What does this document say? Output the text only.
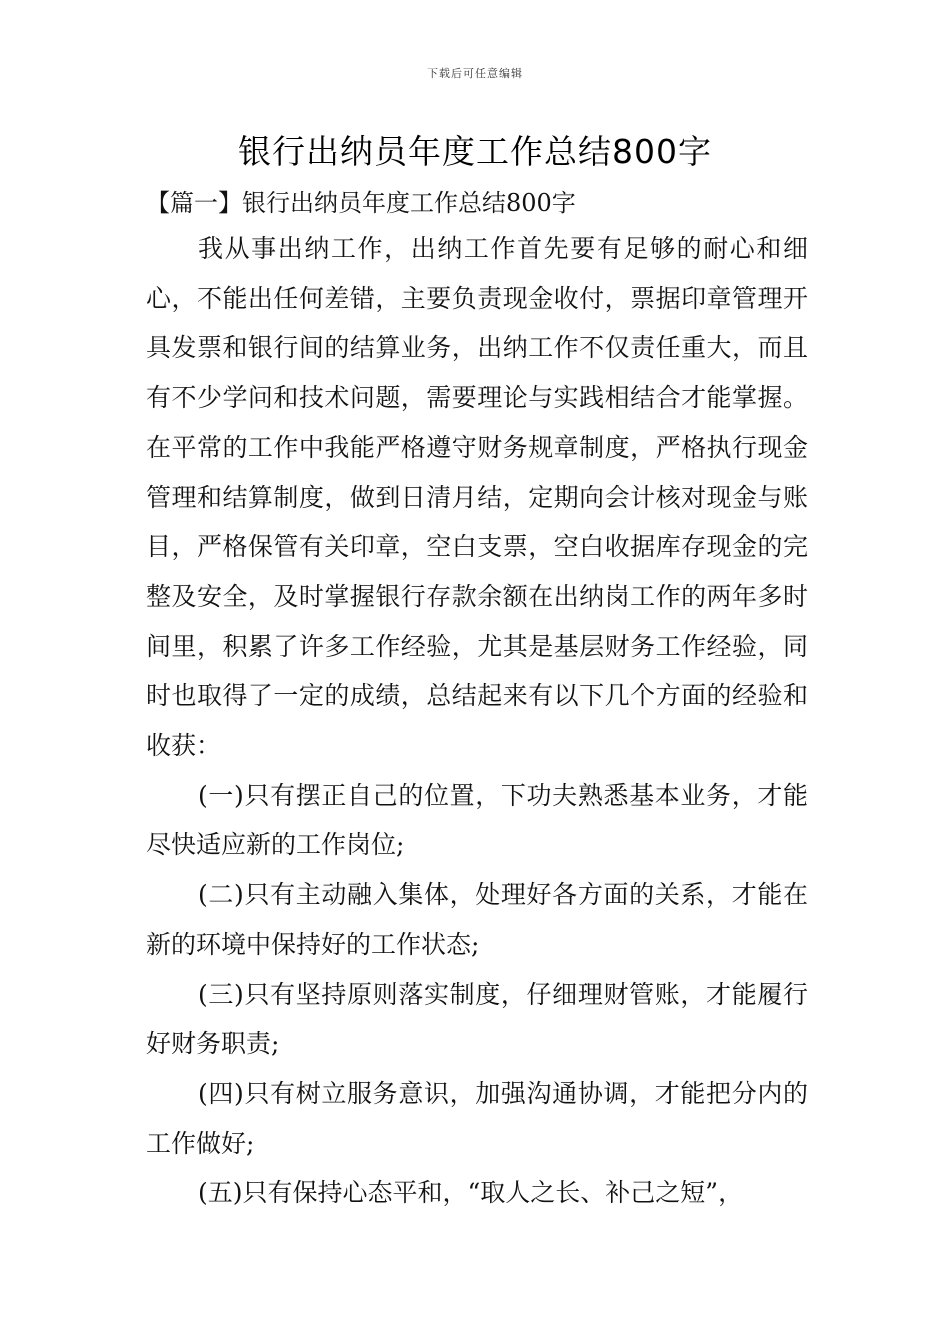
下载后可任意编辑
银行出纳员年度工作总结800字
【篇一】银行出纳员年度工作总结800字

我从事出纳工作，出纳工作首先要有足够的耐心和细心，不能出任何差错，主要负责现金收付，票据印章管理开具发票和银行间的结算业务，出纳工作不仅责任重大，而且有不少学问和技术问题，需要理论与实践相结合才能掌握。在平常的工作中我能严格遵守财务规章制度，严格执行现金管理和结算制度，做到日清月结，定期向会计核对现金与账目，严格保管有关印章，空白支票，空白收据库存现金的完整及安全，及时掌握银行存款余额在出纳岗工作的两年多时间里，积累了许多工作经验，尤其是基层财务工作经验，同时也取得了一定的成绩，总结起来有以下几个方面的经验和收获：

(一)只有摆正自己的位置，下功夫熟悉基本业务，才能尽快适应新的工作岗位;

(二)只有主动融入集体，处理好各方面的关系，才能在新的环境中保持好的工作状态;

(三)只有坚持原则落实制度，仔细理财管账，才能履行好财务职责;

(四)只有树立服务意识，加强沟通协调，才能把分内的工作做好;

(五)只有保持心态平和，“取人之长、补己之短”，
